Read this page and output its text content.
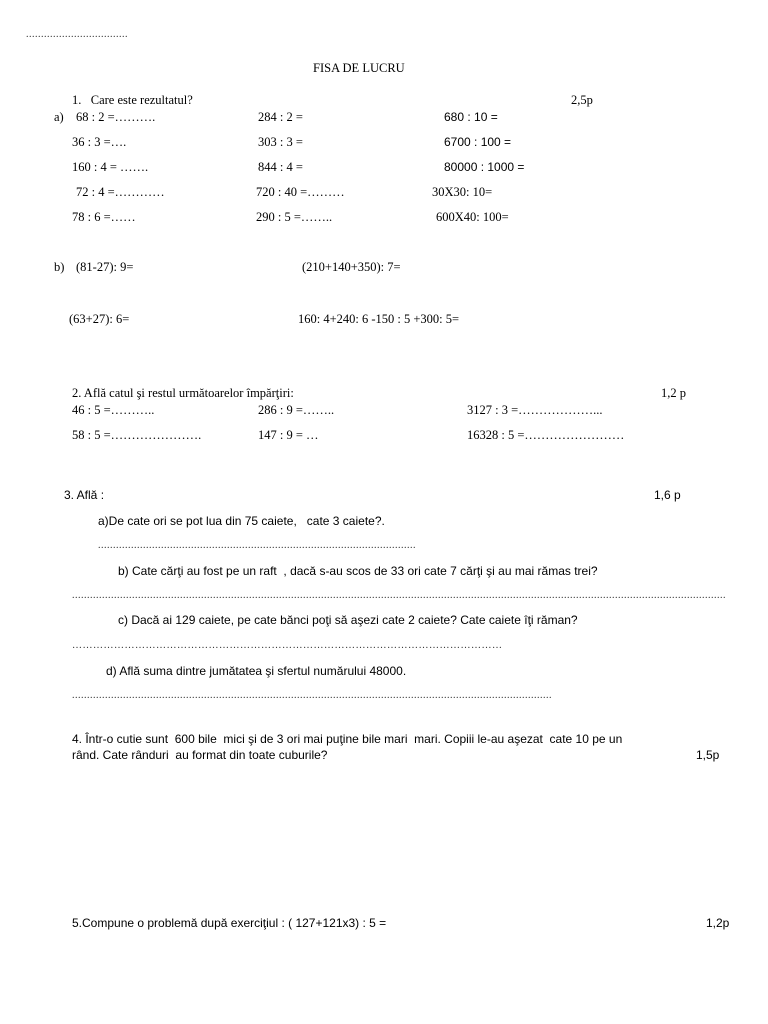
..................................
FISA DE LUCRU
1.   Care este rezultatul?	2,5p
a) 68 : 2 =……….	284 : 2 =	680 : 10 =
36 : 3 =….	303 : 3 =	6700 : 100 =
160 : 4 = …….	844 : 4 =	80000 : 1000 =
72 : 4 =…………	720 : 40 =………	30X30: 10=
78 : 6 =……	290 : 5 =……..	600X40: 100=
b) (81-27): 9=	(210+140+350): 7=
(63+27): 6=	160: 4+240: 6 -150 : 5 +300: 5=
2. Află catul şi restul următoarelor împărţiri:	1,2 p
46 : 5 =………..	286 : 9 =……..	3127 : 3 =………………...
58 : 5 =………………….	147 : 9 = …	16328 : 5 =……………………
3. Află :	1,6 p
a)De cate ori se pot lua din 75 caiete,   cate 3 caiete?.
..........................................................................................................
b) Cate cărţi au fost pe un raft  , dacă s-au scos de 33 ori cate 7 cărţi şi au mai rămas trei?
..........................................................................................................................................................................................................................
c) Dacă ai 129 caiete, pe cate bănci poţi să aşezi cate 2 caiete? Cate caiete îţi răman?
……………………………………………………………………………………………………………
d) Află suma dintre jumătatea şi sfertul numărului 48000.
................................................................................................................................................................
4. Într-o cutie sunt  600 bile  mici şi de 3 ori mai puţine bile mari  mari. Copiii le-au aşezat  cate 10 pe un
rând. Cate rânduri  au format din toate cuburile?	1,5p
5.Compune o problemă după exerciţiul : ( 127+121x3) : 5 =	1,2p
